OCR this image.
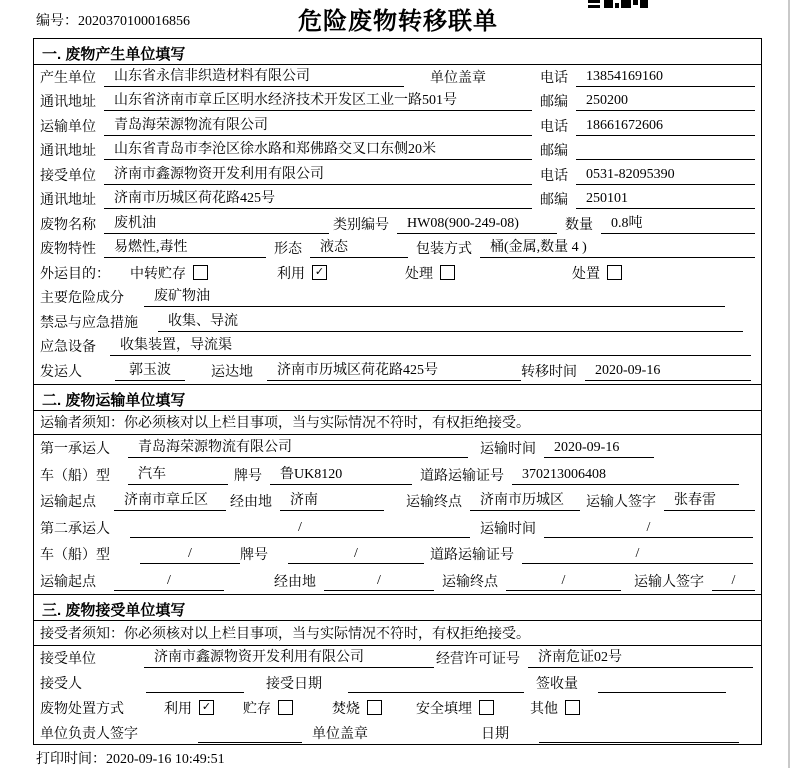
编号：2020370100016856	危险废物转移联单
一. 废物产生单位填写
产生单位	山东省永信非织造材料有限公司	单位盖章	电话	13854169160
通讯地址	山东省济南市章丘区明水经济技术开发区工业一路501号	邮编	250200
运输单位	青岛海荣源物流有限公司	电话	18661672606
通讯地址	山东省青岛市李沧区徐水路和郑佛路交叉口东侧20米	邮编
接受单位	济南市鑫源物资开发利用有限公司	电话	0531-82095390
通讯地址	济南市历城区荷花路425号	邮编	250101
废物名称	废机油	类别编号	HW08(900-249-08)	数量	0.8吨
废物特性	易燃性,毒性	形态	液态	包装方式	桶(金属,数量 4 )
外运目的： 中转贮存	利用 ✓	处理	处置
主要危险成分	废矿物油
禁忌与应急措施	收集、导流
应急设备	收集装置，导流渠
发运人	郭玉波	运达地	济南市历城区荷花路425号	转移时间	2020-09-16
二. 废物运输单位填写
运输者须知：你必须核对以上栏目事项，当与实际情况不符时，有权拒绝接受。
第一承运人	青岛海荣源物流有限公司	运输时间	2020-09-16
车（船）型	汽车	牌号	鲁UK8120	道路运输证号	370213006408
运输起点	济南市章丘区	经由地	济南	运输终点	济南市历城区	运输人签字	张春雷
第二承运人	/	运输时间	/
车（船）型	/	牌号	/	道路运输证号	/
运输起点	/	经由地	/	运输终点	/	运输人签字	/
三. 废物接受单位填写
接受者须知：你必须核对以上栏目事项，当与实际情况不符时，有权拒绝接受。
接受单位	济南市鑫源物资开发利用有限公司	经营许可证号	济南危证02号
接受人	接受日期	签收量
废物处置方式	利用 ✓ 贮存	焚烧	安全填埋	其他
单位负责人签字	单位盖章	日期
打印时间：2020-09-16 10:49:51
